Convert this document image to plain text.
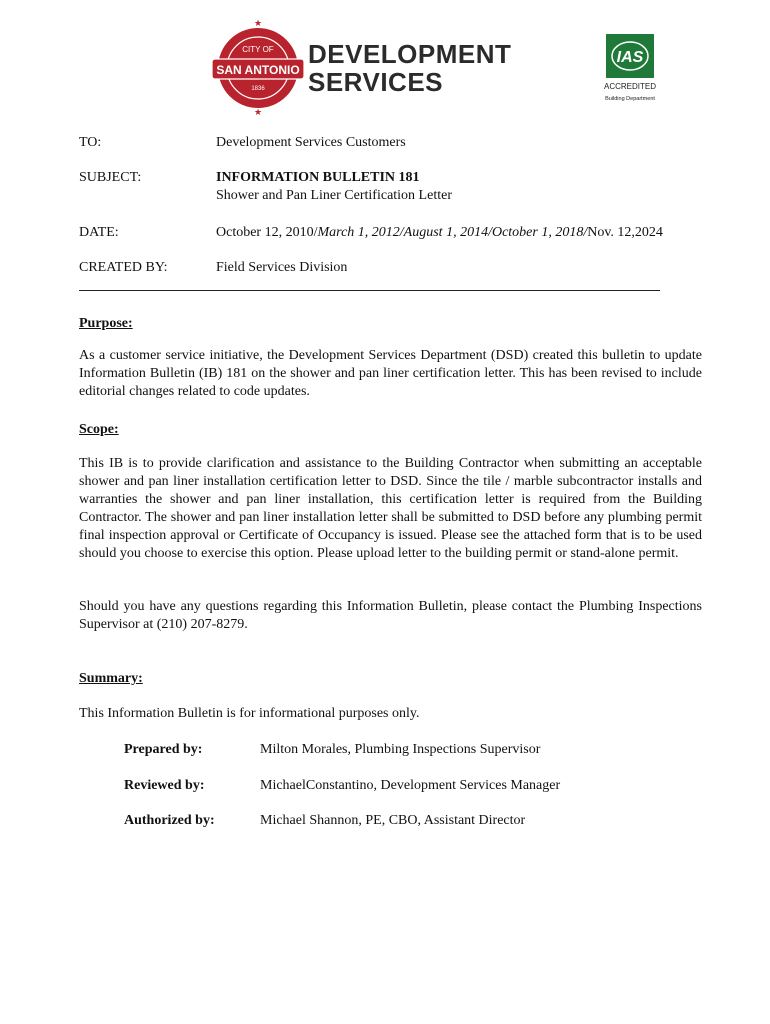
★
CITY OF
SAN ANTONIO
1836
★
DEVELOPMENT
SERVICES
IAS
ACCREDITED
Building Department
TO:	Development Services Customers
SUBJECT:	INFORMATION BULLETIN 181
Shower and Pan Liner Certification Letter
DATE:	October 12, 2010/March 1, 2012/August 1, 2014/October 1, 2018/Nov. 12,2024
CREATED BY:	Field Services Division
Purpose:
As a customer service initiative, the Development Services Department (DSD) created this bulletin to update Information Bulletin (IB) 181 on the shower and pan liner certification letter. This has been revised to include editorial changes related to code updates.
Scope:
This IB is to provide clarification and assistance to the Building Contractor when submitting an acceptable shower and pan liner installation certification letter to DSD. Since the tile / marble subcontractor installs and warranties the shower and pan liner installation, this certification letter is required from the Building Contractor. The shower and pan liner installation letter shall be submitted to DSD before any plumbing permit final inspection approval or Certificate of Occupancy is issued. Please see the attached form that is to be used should you choose to exercise this option. Please upload letter to the building permit or stand-alone permit.
Should you have any questions regarding this Information Bulletin, please contact the Plumbing Inspections Supervisor at (210) 207-8279.
Summary:
This Information Bulletin is for informational purposes only.
Prepared by:	Milton Morales, Plumbing Inspections Supervisor
Reviewed by:	MichaelConstantino, Development Services Manager
Authorized by:	Michael Shannon, PE, CBO, Assistant Director
